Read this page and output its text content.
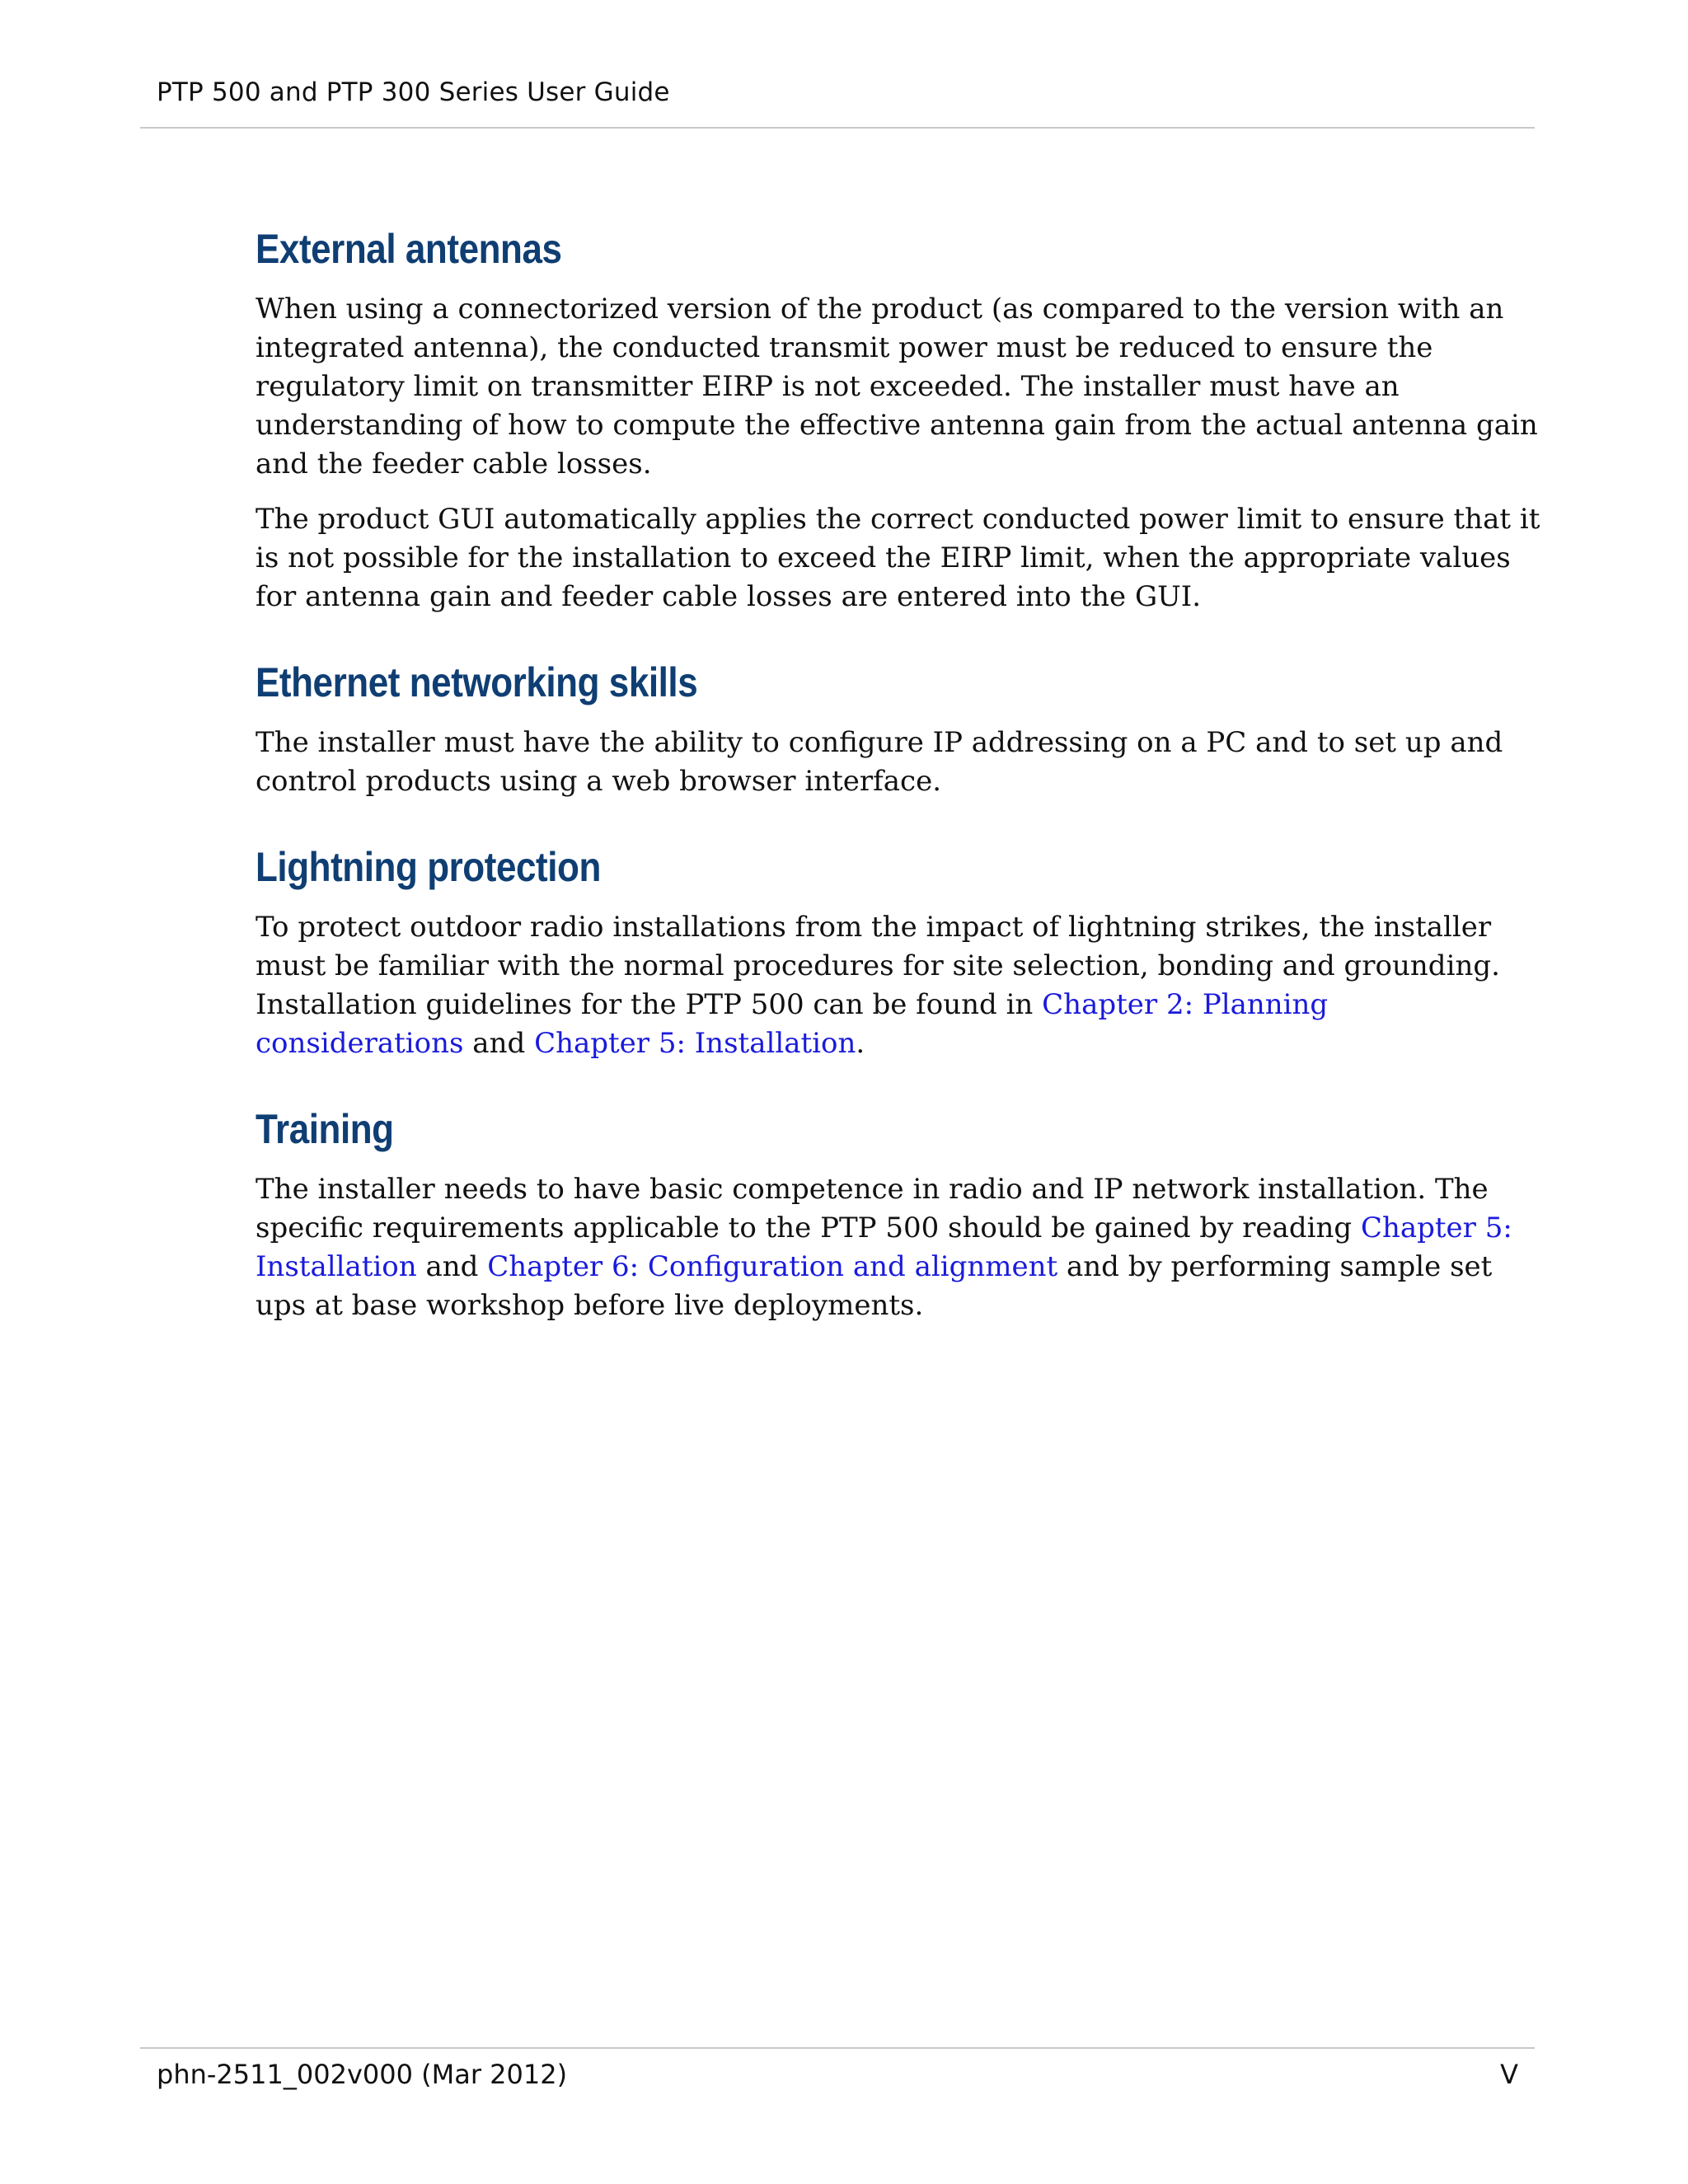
PTP 500 and PTP 300 Series User Guide
External antennas

When using a connectorized version of the product (as compared to the version with an integrated antenna), the conducted transmit power must be reduced to ensure the regulatory limit on transmitter EIRP is not exceeded. The installer must have an understanding of how to compute the effective antenna gain from the actual antenna gain and the feeder cable losses.

The product GUI automatically applies the correct conducted power limit to ensure that it is not possible for the installation to exceed the EIRP limit, when the appropriate values for antenna gain and feeder cable losses are entered into the GUI.

Ethernet networking skills

The installer must have the ability to configure IP addressing on a PC and to set up and control products using a web browser interface.

Lightning protection

To protect outdoor radio installations from the impact of lightning strikes, the installer must be familiar with the normal procedures for site selection, bonding and grounding. Installation guidelines for the PTP 500 can be found in Chapter 2: Planning considerations and Chapter 5: Installation.

Training

The installer needs to have basic competence in radio and IP network installation. The specific requirements applicable to the PTP 500 should be gained by reading Chapter 5: Installation and Chapter 6: Configuration and alignment and by performing sample set ups at base workshop before live deployments.

phn-2511_002v000 (Mar 2012)	V
